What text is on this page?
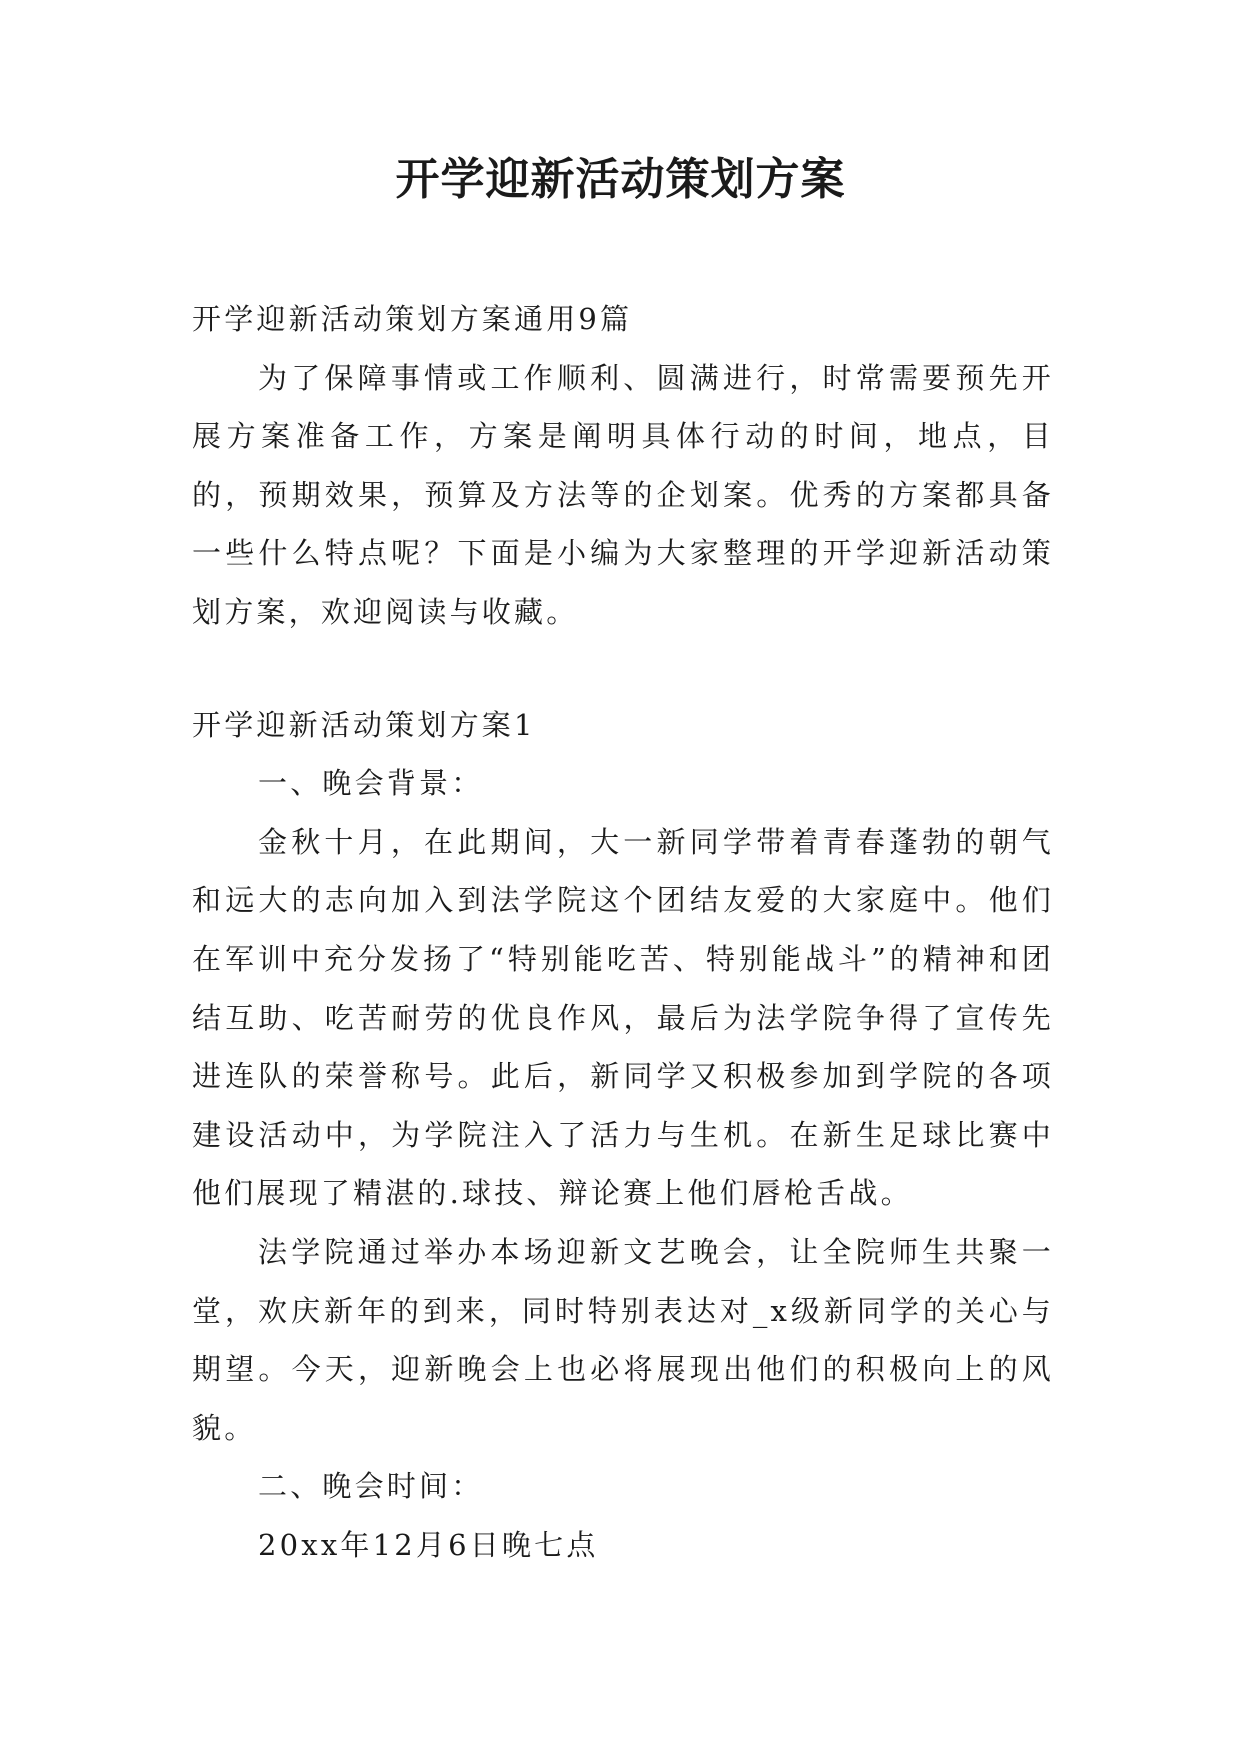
开学迎新活动策划方案

开学迎新活动策划方案通用9篇

为了保障事情或工作顺利、圆满进行，时常需要预先开展方案准备工作，方案是阐明具体行动的时间，地点，目的，预期效果，预算及方法等的企划案。优秀的方案都具备一些什么特点呢？下面是小编为大家整理的开学迎新活动策划方案，欢迎阅读与收藏。

开学迎新活动策划方案1

一、晚会背景：

金秋十月，在此期间，大一新同学带着青春蓬勃的朝气和远大的志向加入到法学院这个团结友爱的大家庭中。他们在军训中充分发扬了“特别能吃苦、特别能战斗”的精神和团结互助、吃苦耐劳的优良作风，最后为法学院争得了宣传先进连队的荣誉称号。此后，新同学又积极参加到学院的各项建设活动中，为学院注入了活力与生机。在新生足球比赛中他们展现了精湛的.球技、辩论赛上他们唇枪舌战。

法学院通过举办本场迎新文艺晚会，让全院师生共聚一堂，欢庆新年的到来，同时特别表达对_x级新同学的关心与期望。今天，迎新晚会上也必将展现出他们的积极向上的风貌。

二、晚会时间：

20xx年12月6日晚七点
